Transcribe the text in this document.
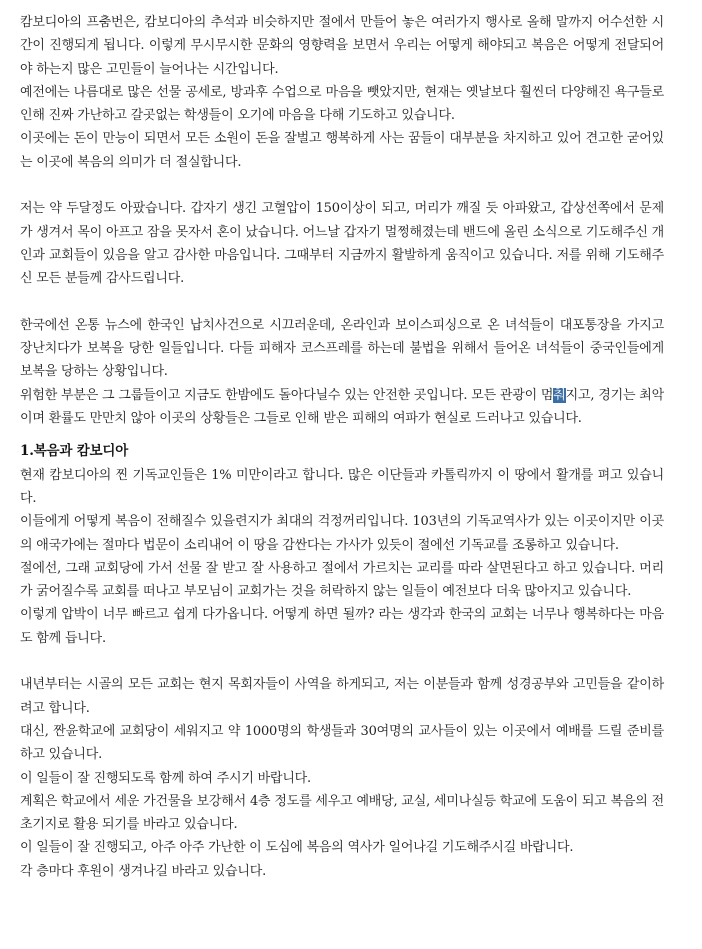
캄보디아의 프춤번은, 캄보디아의 추석과 비슷하지만 절에서 만들어 놓은 여러가지 행사로 올해 말까지 어수선한 시간이 진행되게 됩니다. 이렇게 무시무시한 문화의 영향력을 보면서 우리는 어떻게 해야되고 복음은 어떻게 전달되어야 하는지 많은 고민들이 늘어나는 시간입니다.

예전에는 나름대로 많은 선물 공세로, 방과후 수업으로 마음을 뺏았지만, 현재는 옛날보다 훨씬더 다양해진 욕구들로 인해 진짜 가난하고 갈곳없는 학생들이 오기에 마음을 다해 기도하고 있습니다.

이곳에는 돈이 만능이 되면서 모든 소원이 돈을 잘벌고 행복하게 사는 꿈들이 대부분을 차지하고 있어 견고한 굳어있는 이곳에 복음의 의미가 더 절실합니다.

저는 약 두달정도 아팠습니다. 갑자기 생긴 고혈압이 150이상이 되고, 머리가 깨질 듯 아파왔고, 갑상선쪽에서 문제가 생겨서 목이 아프고 잠을 못자서 혼이 났습니다. 어느날 갑자기 멀쩡해졌는데 밴드에 올린 소식으로 기도해주신 개인과 교회들이 있음을 알고 감사한 마음입니다. 그때부터 지금까지 활발하게 움직이고 있습니다. 저를 위해 기도해주신 모든 분들께 감사드립니다.

한국에선 온통 뉴스에 한국인 납치사건으로 시끄러운데, 온라인과 보이스피싱으로 온 녀석들이 대포통장을 가지고 장난치다가 보복을 당한 일들입니다. 다들 피해자 코스프레를 하는데 불법을 위해서 들어온 녀석들이 중국인들에게 보복을 당하는 상황입니다.

위험한 부분은 그 그룹들이고 지금도 한밤에도 돌아다닐수 있는 안전한 곳입니다. 모든 관광이 멈춰지고, 경기는 최악이며 환률도 만만치 않아 이곳의 상황들은 그들로 인해 받은 피해의 여파가 현실로 드러나고 있습니다.

1.복음과 캄보디아

현재 캄보디아의 찐 기독교인들은 1% 미만이라고 합니다. 많은 이단들과 카톨릭까지 이 땅에서 활개를 펴고 있습니다.

이들에게 어떻게 복음이 전해질수 있을련지가 최대의 걱정꺼리입니다. 103년의 기독교역사가 있는 이곳이지만 이곳의 애국가에는 절마다 법문이 소리내어 이 땅을 감싼다는 가사가 있듯이 절에선 기독교를 조롱하고 있습니다.

절에선, 그래 교회당에 가서 선물 잘 받고 잘 사용하고 절에서 가르치는 교리를 따라 살면된다고 하고 있습니다. 머리가 굵어질수록 교회를 떠나고 부모님이 교회가는 것을 허락하지 않는 일들이 예전보다 더욱 많아지고 있습니다.

이렇게 압박이 너무 빠르고 쉽게 다가옵니다. 어떻게 하면 될까? 라는 생각과 한국의 교회는 너무나 행복하다는 마음도 함께 듭니다.

내년부터는 시골의 모든 교회는 현지 목회자들이 사역을 하게되고, 저는 이분들과 함께 성경공부와 고민들을 같이하려고 합니다.

대신, 짠윤학교에 교회당이 세워지고 약 1000명의 학생들과 30여명의 교사들이 있는 이곳에서 예배를 드릴 준비를 하고 있습니다.

이 일들이 잘 진행되도록 함께 하여 주시기 바랍니다.

계획은 학교에서 세운 가건물을 보강해서 4층 정도를 세우고 예배당, 교실, 세미나실등 학교에 도움이 되고 복음의 전초기지로 활용 되기를 바라고 있습니다.

이 일들이 잘 진행되고, 아주 아주 가난한 이 도심에 복음의 역사가 일어나길 기도해주시길 바랍니다.

각 층마다 후원이 생겨나길 바라고 있습니다.
